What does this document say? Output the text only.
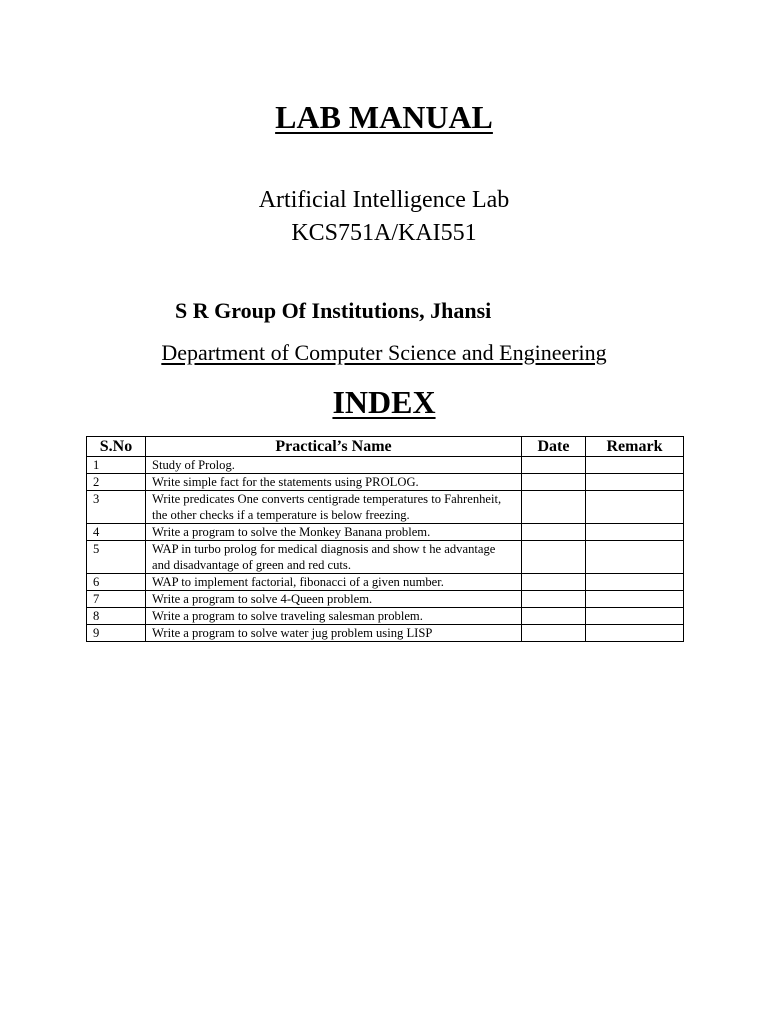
LAB MANUAL
Artificial Intelligence Lab
KCS751A/KAI551
S R Group Of Institutions, Jhansi
Department of Computer Science and Engineering
INDEX
S.No	Practical’s Name	Date	Remark
1	Study of Prolog.		
2	Write simple fact for the statements using PROLOG.		
3	Write predicates One converts centigrade temperatures to Fahrenheit, the other checks if a temperature is below freezing.		
4	Write a program to solve the Monkey Banana problem.		
5	WAP in turbo prolog for medical diagnosis and show t he advantage and disadvantage of green and red cuts.		
6	WAP to implement factorial, fibonacci of a given number.		
7	Write a program to solve 4-Queen problem.		
8	Write a program to solve traveling salesman problem.		
9	Write a program to solve water jug problem using LISP		
